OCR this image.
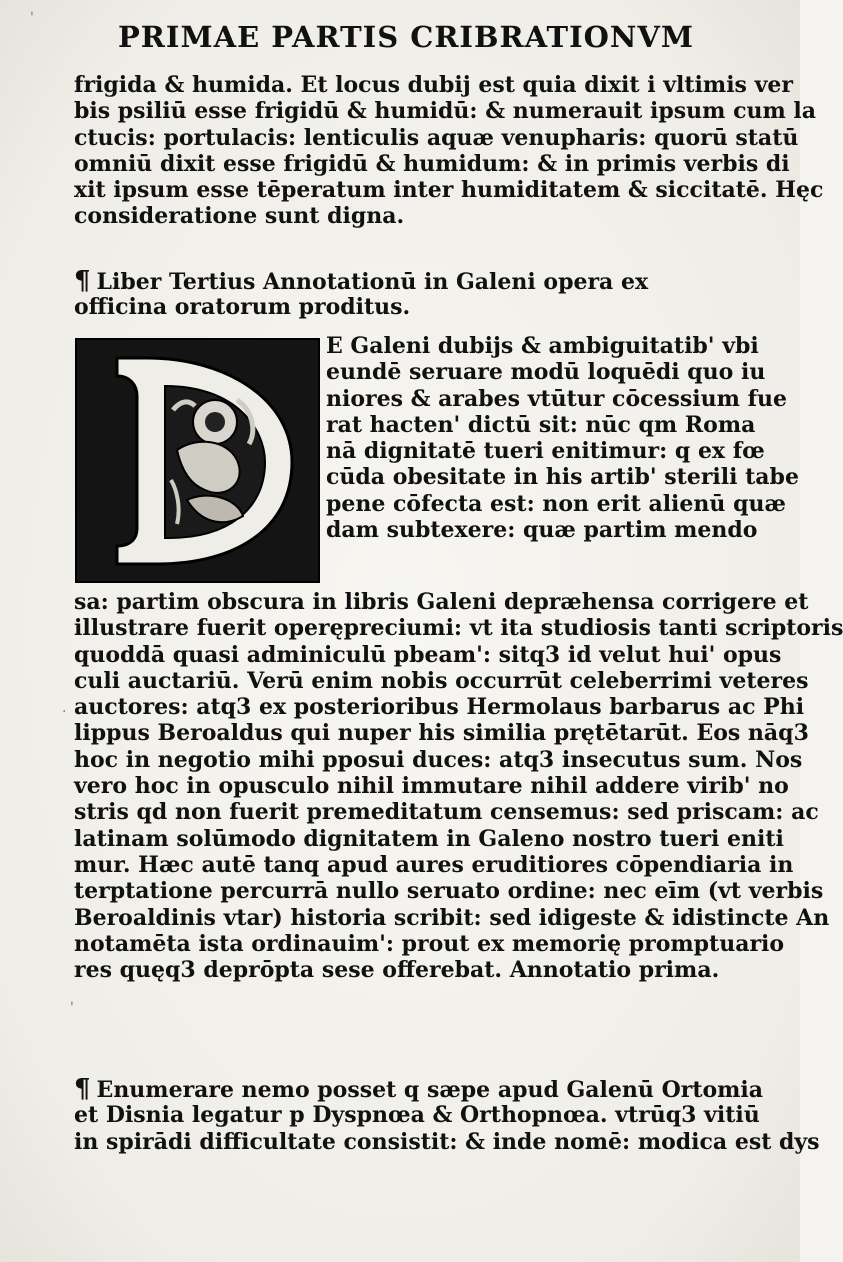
PRIMAE PARTIS CRIBRATIONVM
frigida & humida. Et locus dubij est quia dixit i vltimis ver
bis psiliū esse frigidū & humidū: & numerauit ipsum cum la
ctucis: portulacis: lenticulis aquæ venupharis: quorū statū
omniū dixit esse frigidū & humidum: & in primis verbis di
xit ipsum esse tēperatum inter humiditatem & siccitatē. Hęc
consideratione sunt digna.
¶ Liber Tertius Annotationū in Galeni opera ex
officina oratorum proditus.
E Galeni dubijs & ambiguitatib' vbi
eundē seruare modū loquēdi quo iu
niores & arabes vtūtur cōcessium fue
rat hacten' dictū sit: nūc qm Roma
nā dignitatē tueri enitimur: q ex fœ
cūda obesitate in his artib' sterili tabe
pene cōfecta est: non erit alienū quæ
dam subtexere: quæ partim mendo
sa: partim obscura in libris Galeni depræhensa corrigere et
illustrare fuerit operępreciumi: vt ita studiosis tanti scriptoris
quoddā quasi adminiculū pbeam': sitq3 id velut hui' opus
culi auctariū. Verū enim nobis occurrūt celeberrimi veteres
auctores: atq3 ex posterioribus Hermolaus barbarus ac Phi
lippus Beroaldus qui nuper his similia prętētarūt. Eos nāq3
hoc in negotio mihi pposui duces: atq3 insecutus sum. Nos
vero hoc in opusculo nihil immutare nihil addere virib' no
stris qd non fuerit premeditatum censemus: sed priscam: ac
latinam solūmodo dignitatem in Galeno nostro tueri eniti
mur. Hæc autē tanq apud aures eruditiores cōpendiaria in
terptatione percurrā nullo seruato ordine: nec eīm (vt verbis
Beroaldinis vtar) historia scribit: sed idigeste & idistincte An
notamēta ista ordinauim': prout ex memorię promptuario
res quęq3 deprōpta sese offerebat. Annotatio prima.
¶ Enumerare nemo posset q sæpe apud Galenū Ortomia
et Disnia legatur p Dyspnœa & Orthopnœa. vtrūq3 vitiū
in spirādi difficultate consistit: & inde nomē: modica est dys
'
.
'
